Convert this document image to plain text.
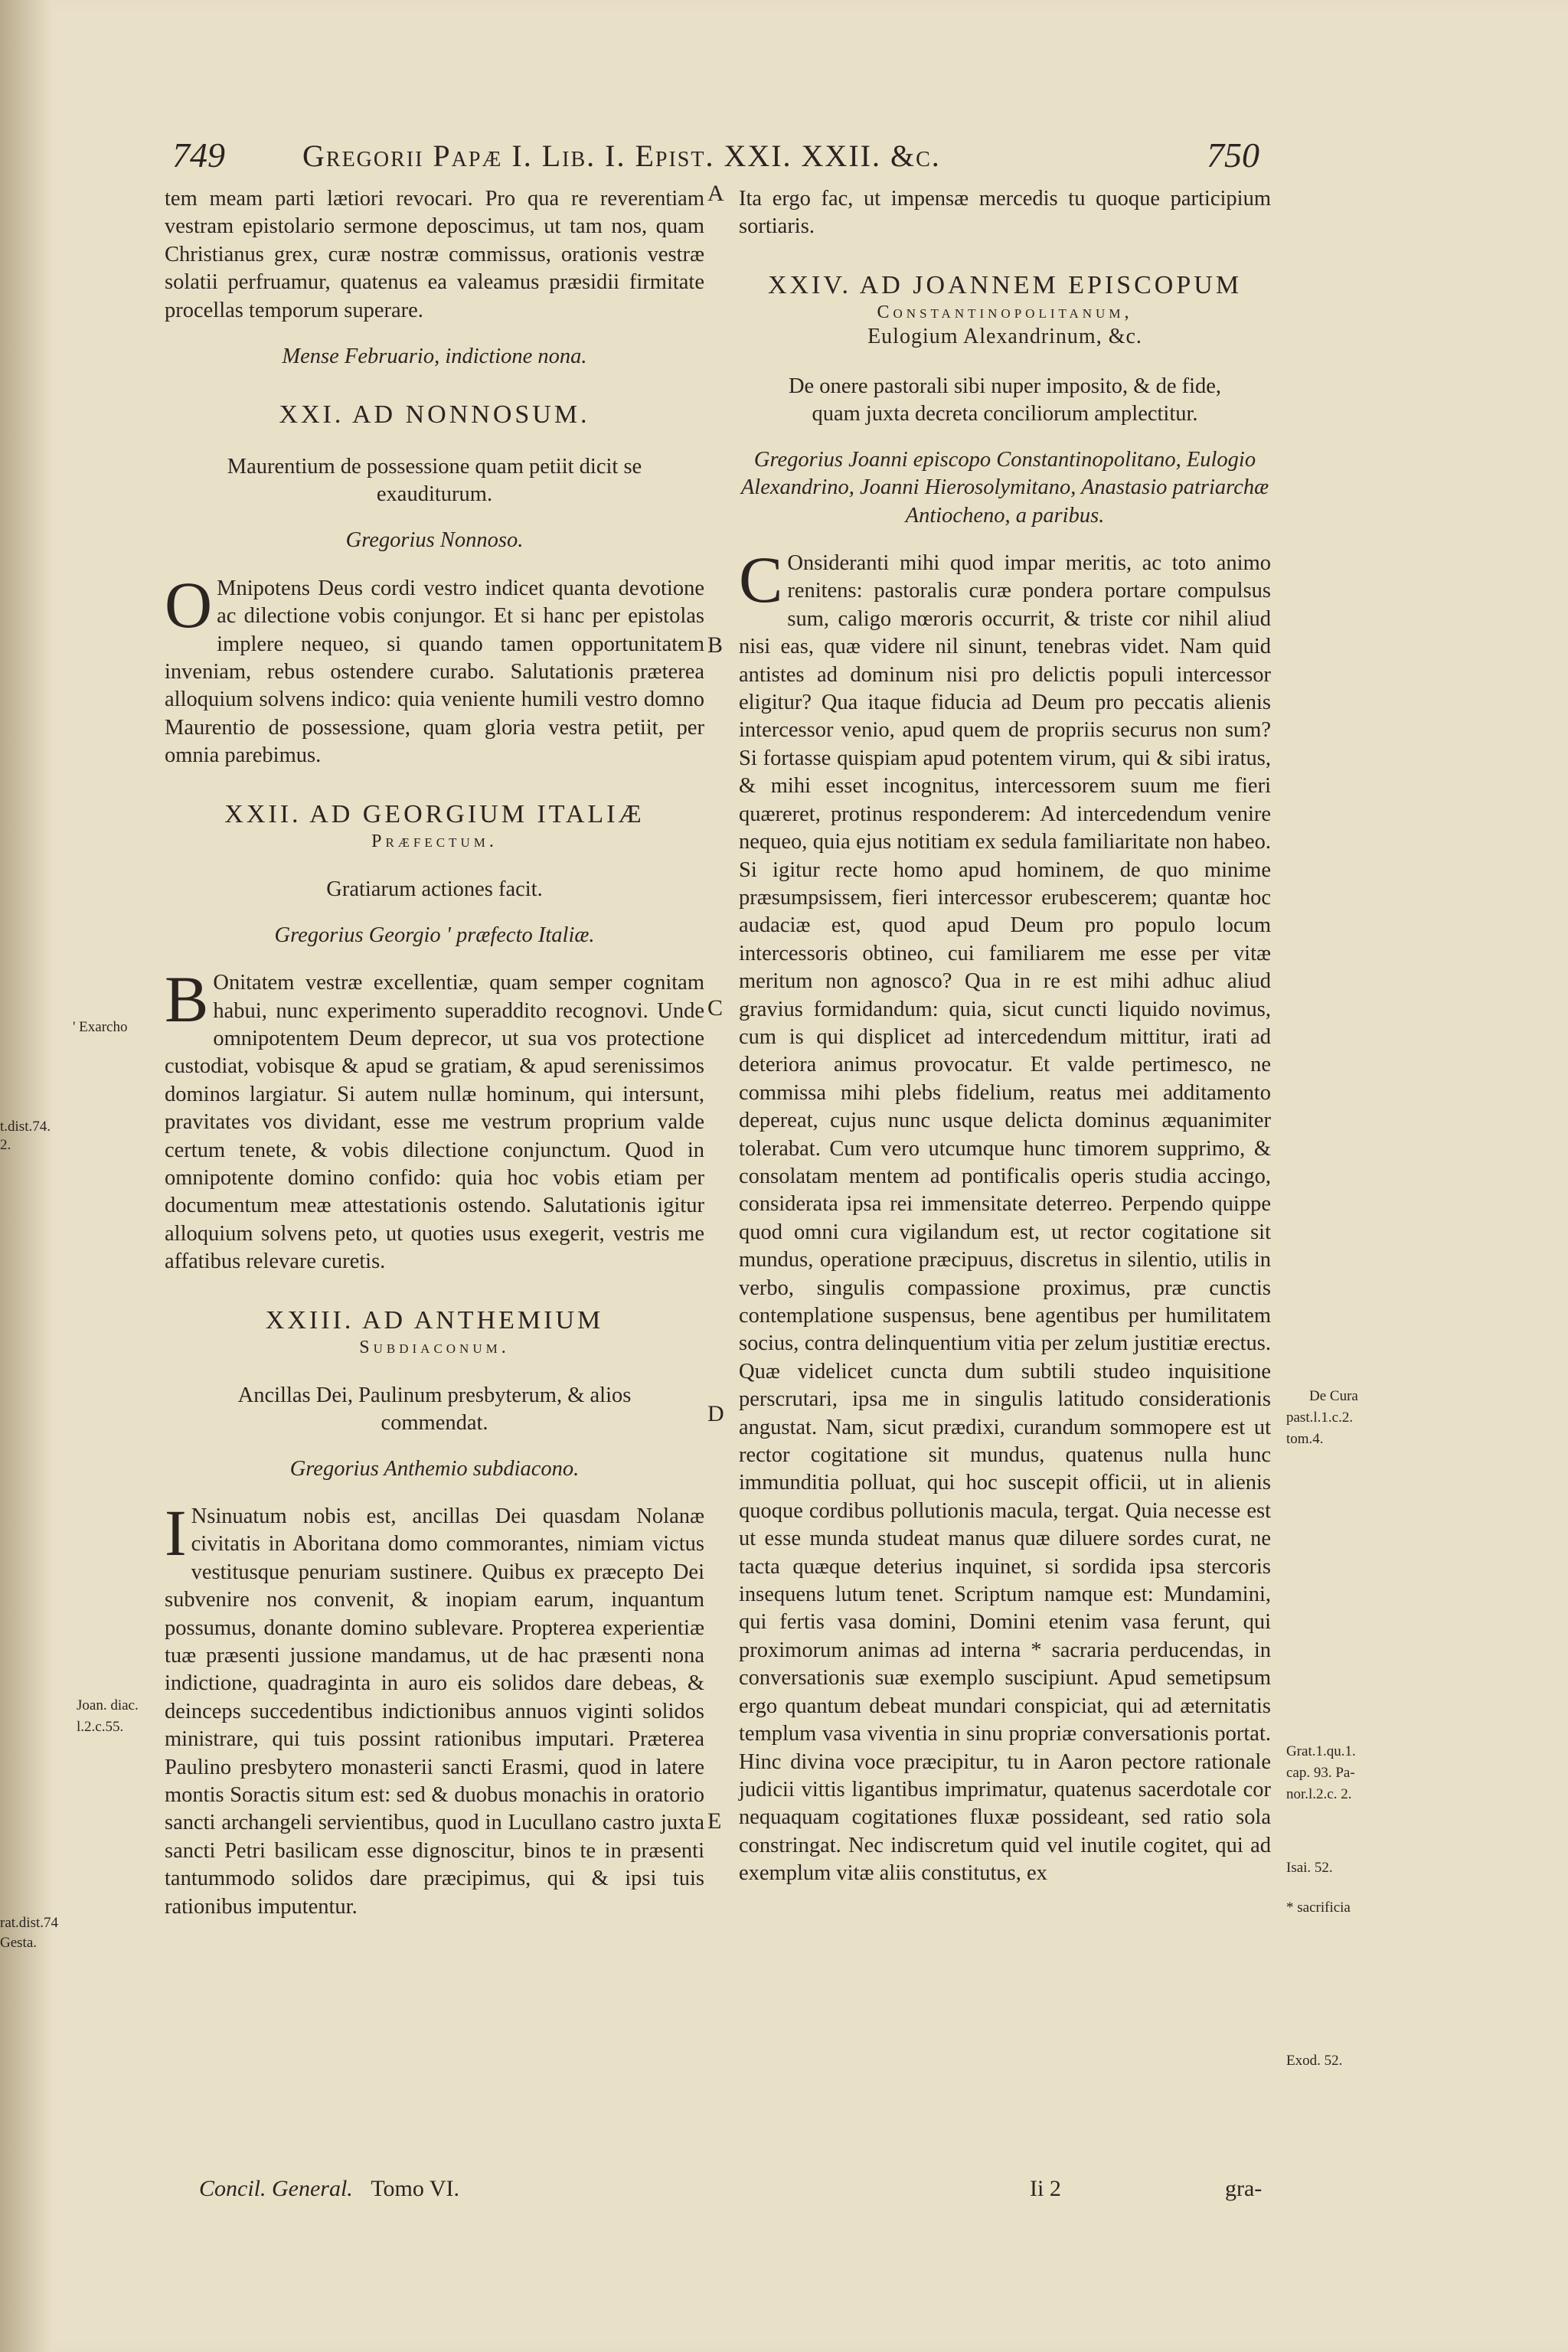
749	Gregorii Papæ I. Lib. I. Epist. XXI. XXII. &c.	750
A
B
C
D
E
' Exarcho
t.dist.74.
2.
Joan. diac.
l.2.c.55.
rat.dist.74
Gesta.
De Cura
past.l.1.c.2.
tom.4.
Grat.1.qu.1.
cap. 93. Pa-
nor.l.2.c. 2.
Isai. 52.
* sacrificia
Exod. 52.

tem meam parti lætiori revocari. Pro qua re reverentiam vestram epistolario sermone deposcimus, ut tam nos, quam Christianus grex, curæ nostræ commissus, orationis vestræ solatii perfruamur, quatenus ea valeamus præsidii firmitate procellas temporum superare.

Mense Februario, indictione nona.
XXI. AD NONNOSUM.
Maurentium de possessione quam petiit dicit se exauditurum.
Gregorius Nonnoso.

O Mnipotens Deus cordi vestro indicet quanta devotione ac dilectione vobis conjungor. Et si hanc per epistolas implere nequeo, si quando tamen opportunitatem inveniam, rebus ostendere curabo. Salutationis præterea alloquium solvens indico: quia veniente humili vestro domno Maurentio de possessione, quam gloria vestra petiit, per omnia parebimus.

XXII. AD GEORGIUM ITALIÆ
Præfectum.
Gratiarum actiones facit.
Gregorius Georgio ' præfecto Italiæ.

B Onitatem vestræ excellentiæ, quam semper cognitam habui, nunc experimento superaddito recognovi. Unde omnipotentem Deum deprecor, ut sua vos protectione custodiat, vobisque & apud se gratiam, & apud serenissimos dominos largiatur. Si autem nullæ hominum, qui intersunt, pravitates vos dividant, esse me vestrum proprium valde certum tenete, & vobis dilectione conjunctum. Quod in omnipotente domino confido: quia hoc vobis etiam per documentum meæ attestationis ostendo. Salutationis igitur alloquium solvens peto, ut quoties usus exegerit, vestris me affatibus relevare curetis.

XXIII. AD ANTHEMIUM
Subdiaconum.
Ancillas Dei, Paulinum presbyterum, & alios commendat.
Gregorius Anthemio subdiacono.

I Nsinuatum nobis est, ancillas Dei quasdam Nolanæ civitatis in Aboritana domo commorantes, nimiam victus vestitusque penuriam sustinere. Quibus ex præcepto Dei subvenire nos convenit, & inopiam earum, inquantum possumus, donante domino sublevare. Propterea experientiæ tuæ præsenti jussione mandamus, ut de hac præsenti nona indictione, quadraginta in auro eis solidos dare debeas, & deinceps succedentibus indictionibus annuos viginti solidos ministrare, qui tuis possint rationibus imputari. Præterea Paulino presbytero monasterii sancti Erasmi, quod in latere montis Soractis situm est: sed & duobus monachis in oratorio sancti archangeli servientibus, quod in Lucullano castro juxta sancti Petri basilicam esse dignoscitur, binos te in præsenti tantummodo solidos dare præcipimus, qui & ipsi tuis rationibus imputentur.

Ita ergo fac, ut impensæ mercedis tu quoque participium sortiaris.

XXIV. AD JOANNEM EPISCOPUM
Constantinopolitanum,
Eulogium Alexandrinum, &c.
De onere pastorali sibi nuper imposito, & de fide, quam juxta decreta conciliorum amplectitur.
Gregorius Joanni episcopo Constantinopolitano, Eulogio Alexandrino, Joanni Hierosolymitano, Anastasio patriarchæ Antiocheno, a paribus.

C Onsideranti mihi quod impar meritis, ac toto animo renitens: pastoralis curæ pondera portare compulsus sum, caligo mœroris occurrit, & triste cor nihil aliud nisi eas, quæ videre nil sinunt, tenebras videt. Nam quid antistes ad dominum nisi pro delictis populi intercessor eligitur? Qua itaque fiducia ad Deum pro peccatis alienis intercessor venio, apud quem de propriis securus non sum? Si fortasse quispiam apud potentem virum, qui & sibi iratus, & mihi esset incognitus, intercessorem suum me fieri quæreret, protinus responderem: Ad intercedendum venire nequeo, quia ejus notitiam ex sedula familiaritate non habeo. Si igitur recte homo apud hominem, de quo minime præsumpsissem, fieri intercessor erubescerem; quantæ hoc audaciæ est, quod apud Deum pro populo locum intercessoris obtineo, cui familiarem me esse per vitæ meritum non agnosco? Qua in re est mihi adhuc aliud gravius formidandum: quia, sicut cuncti liquido novimus, cum is qui displicet ad intercedendum mittitur, irati ad deteriora animus provocatur. Et valde pertimesco, ne commissa mihi plebs fidelium, reatus mei additamento depereat, cujus nunc usque delicta dominus æquanimiter tolerabat. Cum vero utcumque hunc timorem supprimo, & consolatam mentem ad pontificalis operis studia accingo, considerata ipsa rei immensitate deterreo. Perpendo quippe quod omni cura vigilandum est, ut rector cogitatione sit mundus, operatione præcipuus, discretus in silentio, utilis in verbo, singulis compassione proximus, præ cunctis contemplatione suspensus, bene agentibus per humilitatem socius, contra delinquentium vitia per zelum justitiæ erectus. Quæ videlicet cuncta dum subtili studeo inquisitione perscrutari, ipsa me in singulis latitudo considerationis angustat. Nam, sicut prædixi, curandum sommopere est ut rector cogitatione sit mundus, quatenus nulla hunc immunditia polluat, qui hoc suscepit officii, ut in alienis quoque cordibus pollutionis macula, tergat. Quia necesse est ut esse munda studeat manus quæ diluere sordes curat, ne tacta quæque deterius inquinet, si sordida ipsa stercoris insequens lutum tenet. Scriptum namque est: Mundamini, qui fertis vasa domini, Domini etenim vasa ferunt, qui proximorum animas ad interna * sacraria perducendas, in conversationis suæ exemplo suscipiunt. Apud semetipsum ergo quantum debeat mundari conspiciat, qui ad æternitatis templum vasa viventia in sinu propriæ conversationis portat. Hinc divina voce præcipitur, tu in Aaron pectore rationale judicii vittis ligantibus imprimatur, quatenus sacerdotale cor nequaquam cogitationes fluxæ possideant, sed ratio sola constringat. Nec indiscretum quid vel inutile cogitet, qui ad exemplum vitæ aliis constitutus, ex

Concil. General. Tomo VI.	Ii 2	gra-
